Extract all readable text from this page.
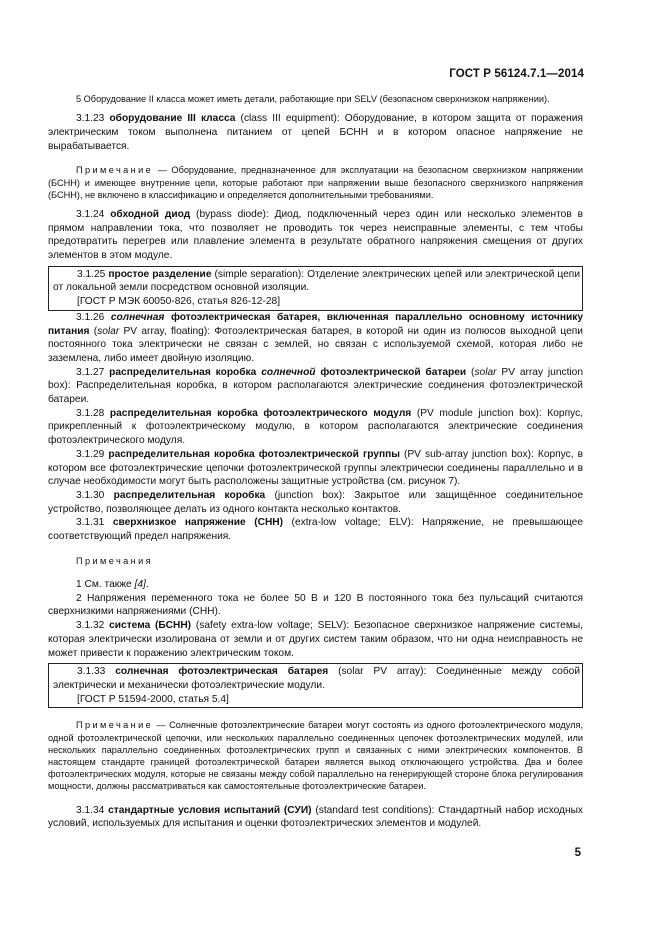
ГОСТ Р 56124.7.1—2014

5 Оборудование II класса может иметь детали, работающие при SELV (безопасном сверхнизком напряжении).

3.1.23 оборудование III класса (class III equipment): Оборудование, в котором защита от поражения электрическим током выполнена питанием от цепей БСНН и в котором опасное напряжение не вырабатывается.

Примечание — Оборудование, предназначенное для эксплуатации на безопасном сверхнизком напряжении (БСНН) и имеющее внутренние цепи, которые работают при напряжении выше безопасного сверхнизкого напряжения (БСНН), не включено в классификацию и определяется дополнительными требованиями.

3.1.24 обходной диод (bypass diode): Диод, подключенный через один или несколько элементов в прямом направлении тока, что позволяет не проводить ток через неисправные элементы, с тем чтобы предотвратить перегрев или плавление элемента в результате обратного напряжения смещения от других элементов в этом модуле.

3.1.25 простое разделение (simple separation): Отделение электрических цепей или электрической цепи от локальной земли посредством основной изоляции.

[ГОСТ Р МЭК 60050-826, статья 826-12-28]

3.1.26 солнечная фотоэлектрическая батарея, включенная параллельно основному источнику питания (solar PV array, floating): Фотоэлектрическая батарея, в которой ни один из полюсов выходной цепи постоянного тока электрически не связан с землей, но связан с используемой схемой, которая либо не заземлена, либо имеет двойную изоляцию.

3.1.27 распределительная коробка солнечной фотоэлектрической батареи (solar PV array junction box): Распределительная коробка, в котором располагаются электрические соединения фотоэлектрической батареи.

3.1.28 распределительная коробка фотоэлектрического модуля (PV module junction box): Корпус, прикрепленный к фотоэлектрическому модулю, в котором располагаются электрические соединения фотоэлектрического модуля.

3.1.29 распределительная коробка фотоэлектрической группы (PV sub-array junction box): Корпус, в котором все фотоэлектрические цепочки фотоэлектрической группы электрически соединены параллельно и в случае необходимости могут быть расположены защитные устройства (см. рисунок 7).

3.1.30 распределительная коробка (junction box): Закрытое или защищённое соединительное устройство, позволяющее делать из одного контакта несколько контактов.

3.1.31 сверхнизкое напряжение (СНН) (extra-low voltage; ELV): Напряжение, не превышающее соответствующий предел напряжения.

Примечания

1 См. также [4].

2 Напряжения переменного тока не более 50 В и 120 В постоянного тока без пульсаций считаются сверхнизкими напряжениями (СНН).

3.1.32 система (БСНН) (safety extra-low voltage; SELV): Безопасное сверхнизкое напряжение системы, которая электрически изолирована от земли и от других систем таким образом, что ни одна неисправность не может привести к поражению электрическим током.

3.1.33 солнечная фотоэлектрическая батарея (solar PV array): Соединенные между собой электрически и механически фотоэлектрические модули.

[ГОСТ Р 51594-2000, статья 5.4]

Примечание — Солнечные фотоэлектрические батареи могут состоять из одного фотоэлектрического модуля, одной фотоэлектрической цепочки, или нескольких параллельно соединенных цепочек фотоэлектрических модулей, или нескольких параллельно соединенных фотоэлектрических групп и связанных с ними электрических компонентов. В настоящем стандарте границей фотоэлектрической батареи является выход отключающего устройства. Два и более фотоэлектрических модуля, которые не связаны между собой параллельно на генерирующей стороне блока регулирования мощности, должны рассматриваться как самостоятельные фотоэлектрические батареи.

3.1.34 стандартные условия испытаний (СУИ) (standard test conditions): Стандартный набор исходных условий, используемых для испытания и оценки фотоэлектрических элементов и модулей.

5
